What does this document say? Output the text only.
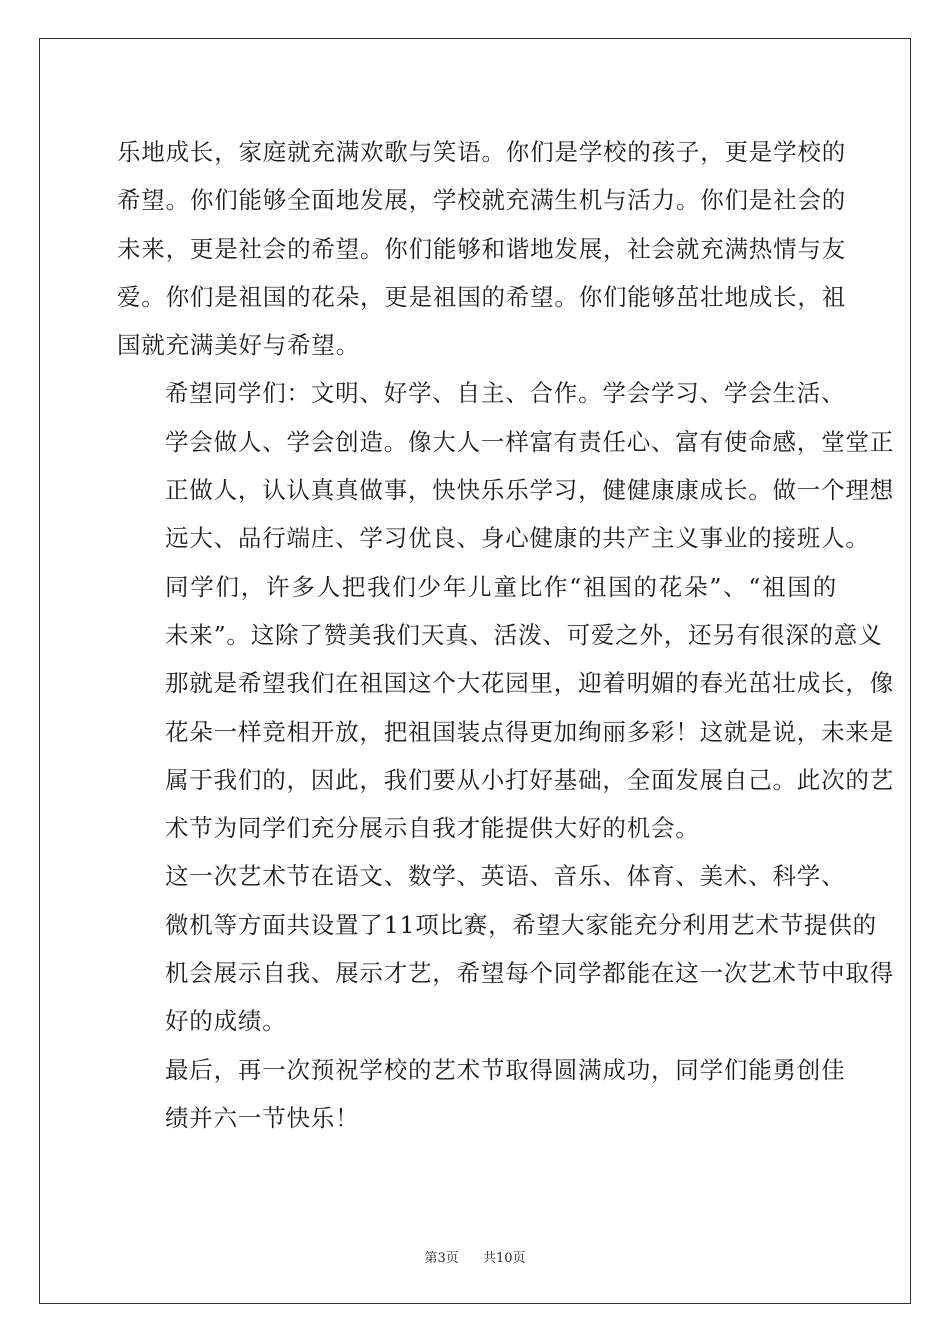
乐地成长，家庭就充满欢歌与笑语。你们是学校的孩子，更是学校的
希望。你们能够全面地发展，学校就充满生机与活力。你们是社会的
未来，更是社会的希望。你们能够和谐地发展，社会就充满热情与友
爱。你们是祖国的花朵，更是祖国的希望。你们能够茁壮地成长，祖
国就充满美好与希望。

希望同学们：文明、好学、自主、合作。学会学习、学会生活、
学会做人、学会创造。像大人一样富有责任心、富有使命感，堂堂正
正做人，认认真真做事，快快乐乐学习，健健康康成长。做一个理想
远大、品行端庄、学习优良、身心健康的共产主义事业的接班人。

同学们，许多人把我们少年儿童比作“祖国的花朵”、“祖国的
未来”。这除了赞美我们天真、活泼、可爱之外，还另有很深的意义
那就是希望我们在祖国这个大花园里，迎着明媚的春光茁壮成长，像
花朵一样竞相开放，把祖国装点得更加绚丽多彩！这就是说，未来是
属于我们的，因此，我们要从小打好基础，全面发展自己。此次的艺
术节为同学们充分展示自我才能提供大好的机会。

这一次艺术节在语文、数学、英语、音乐、体育、美术、科学、
微机等方面共设置了11项比赛，希望大家能充分利用艺术节提供的
机会展示自我、展示才艺，希望每个同学都能在这一次艺术节中取得
好的成绩。

最后，再一次预祝学校的艺术节取得圆满成功，同学们能勇创佳
绩并六一节快乐！

第3页 共10页
